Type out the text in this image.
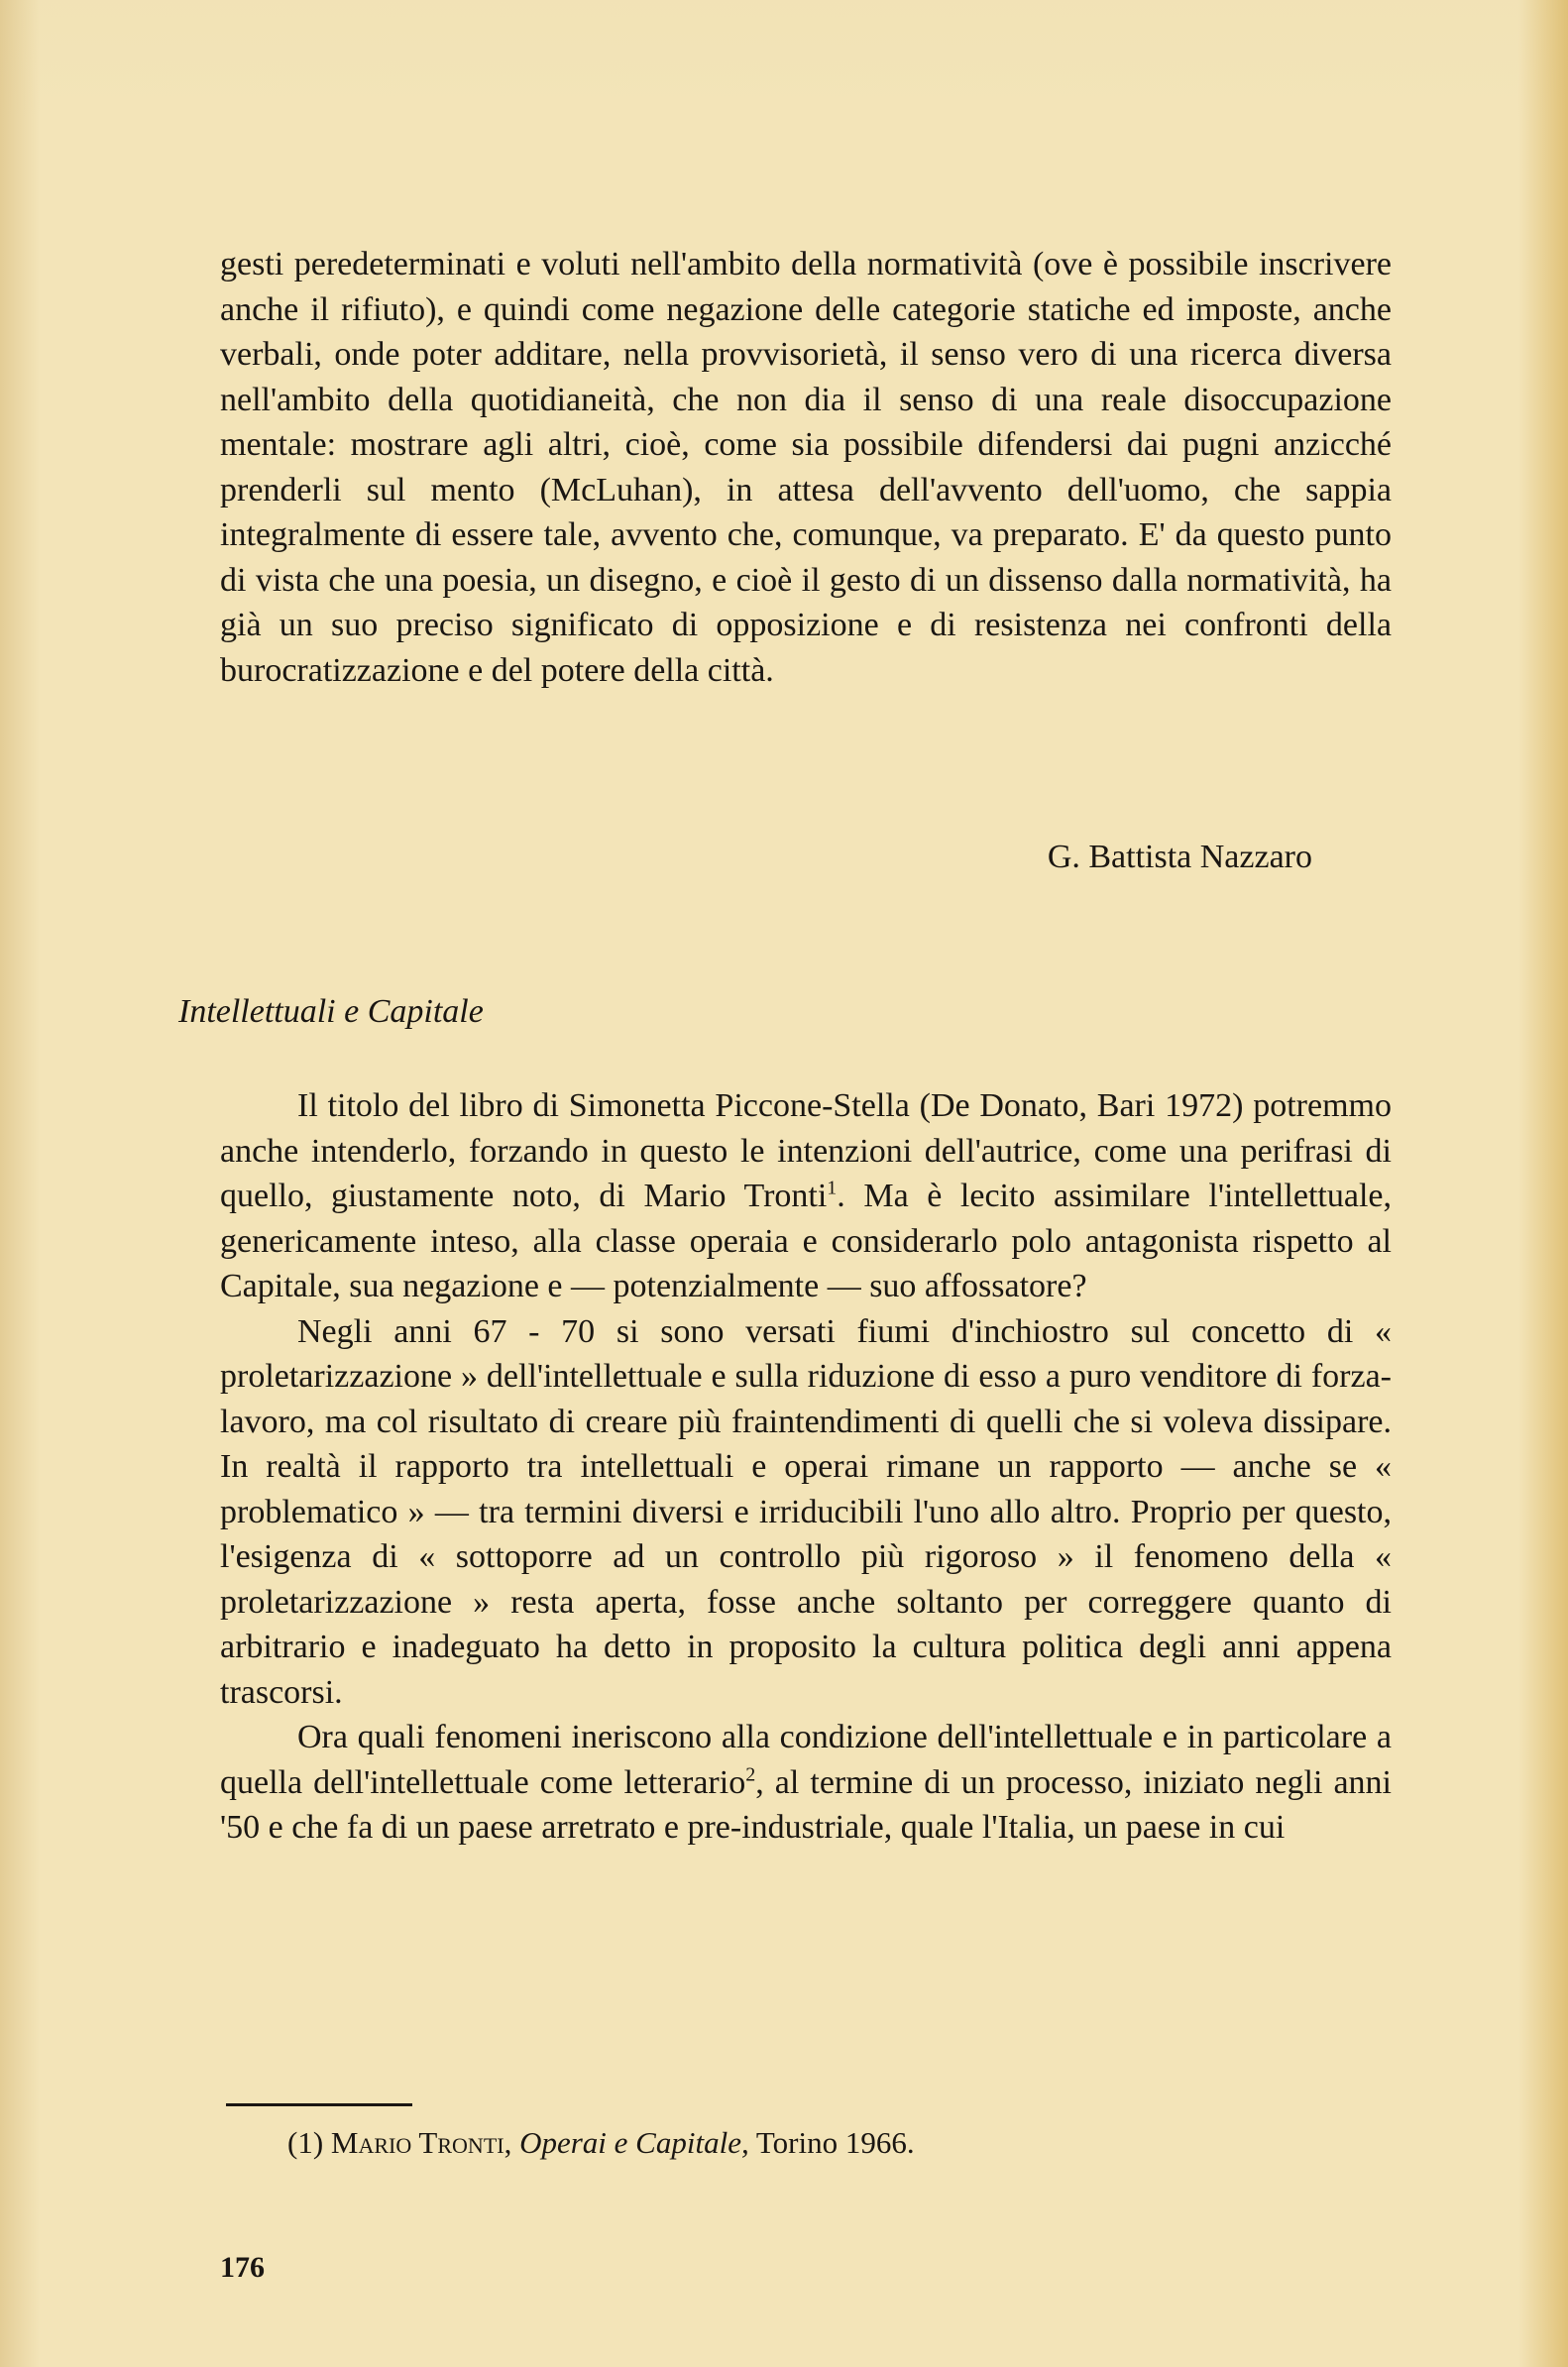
gesti peredeterminati e voluti nell'ambito della normatività (ove è possibile inscrivere anche il rifiuto), e quindi come negazione delle categorie statiche ed imposte, anche verbali, onde poter additare, nella provvisorietà, il senso vero di una ricerca diversa nell'ambito della quotidianeità, che non dia il senso di una reale disoccupazione mentale: mostrare agli altri, cioè, come sia possibile difendersi dai pugni anzicché prenderli sul mento (McLuhan), in attesa dell'avvento dell'uomo, che sappia integralmente di essere tale, avvento che, comunque, va preparato. E' da questo punto di vista che una poesia, un disegno, e cioè il gesto di un dissenso dalla normatività, ha già un suo preciso significato di opposizione e di resistenza nei confronti della burocratizzazione e del potere della città.

G. Battista Nazzaro
Intellettuali e Capitale

Il titolo del libro di Simonetta Piccone-Stella (De Donato, Bari 1972) potremmo anche intenderlo, forzando in questo le intenzioni dell'autrice, come una perifrasi di quello, giustamente noto, di Mario Tronti$^1$. Ma è lecito assimilare l'intellettuale, genericamente inteso, alla classe operaia e considerarlo polo antagonista rispetto al Capitale, sua negazione e — potenzialmente — suo affossatore?

Negli anni 67 - 70 si sono versati fiumi d'inchiostro sul concetto di « proletarizzazione » dell'intellettuale e sulla riduzione di esso a puro venditore di forza-lavoro, ma col risultato di creare più fraintendimenti di quelli che si voleva dissipare. In realtà il rapporto tra intellettuali e operai rimane un rapporto — anche se « problematico » — tra termini diversi e irriducibili l'uno allo altro. Proprio per questo, l'esigenza di « sottoporre ad un controllo più rigoroso » il fenomeno della « proletarizzazione » resta aperta, fosse anche soltanto per correggere quanto di arbitrario e inadeguato ha detto in proposito la cultura politica degli anni appena trascorsi.

Ora quali fenomeni ineriscono alla condizione dell'intellettuale e in particolare a quella dell'intellettuale come letterario$^2$, al termine di un processo, iniziato negli anni '50 e che fa di un paese arretrato e pre-industriale, quale l'Italia, un paese in cui

(1) Mario Tronti, Operai e Capitale, Torino 1966.
176
